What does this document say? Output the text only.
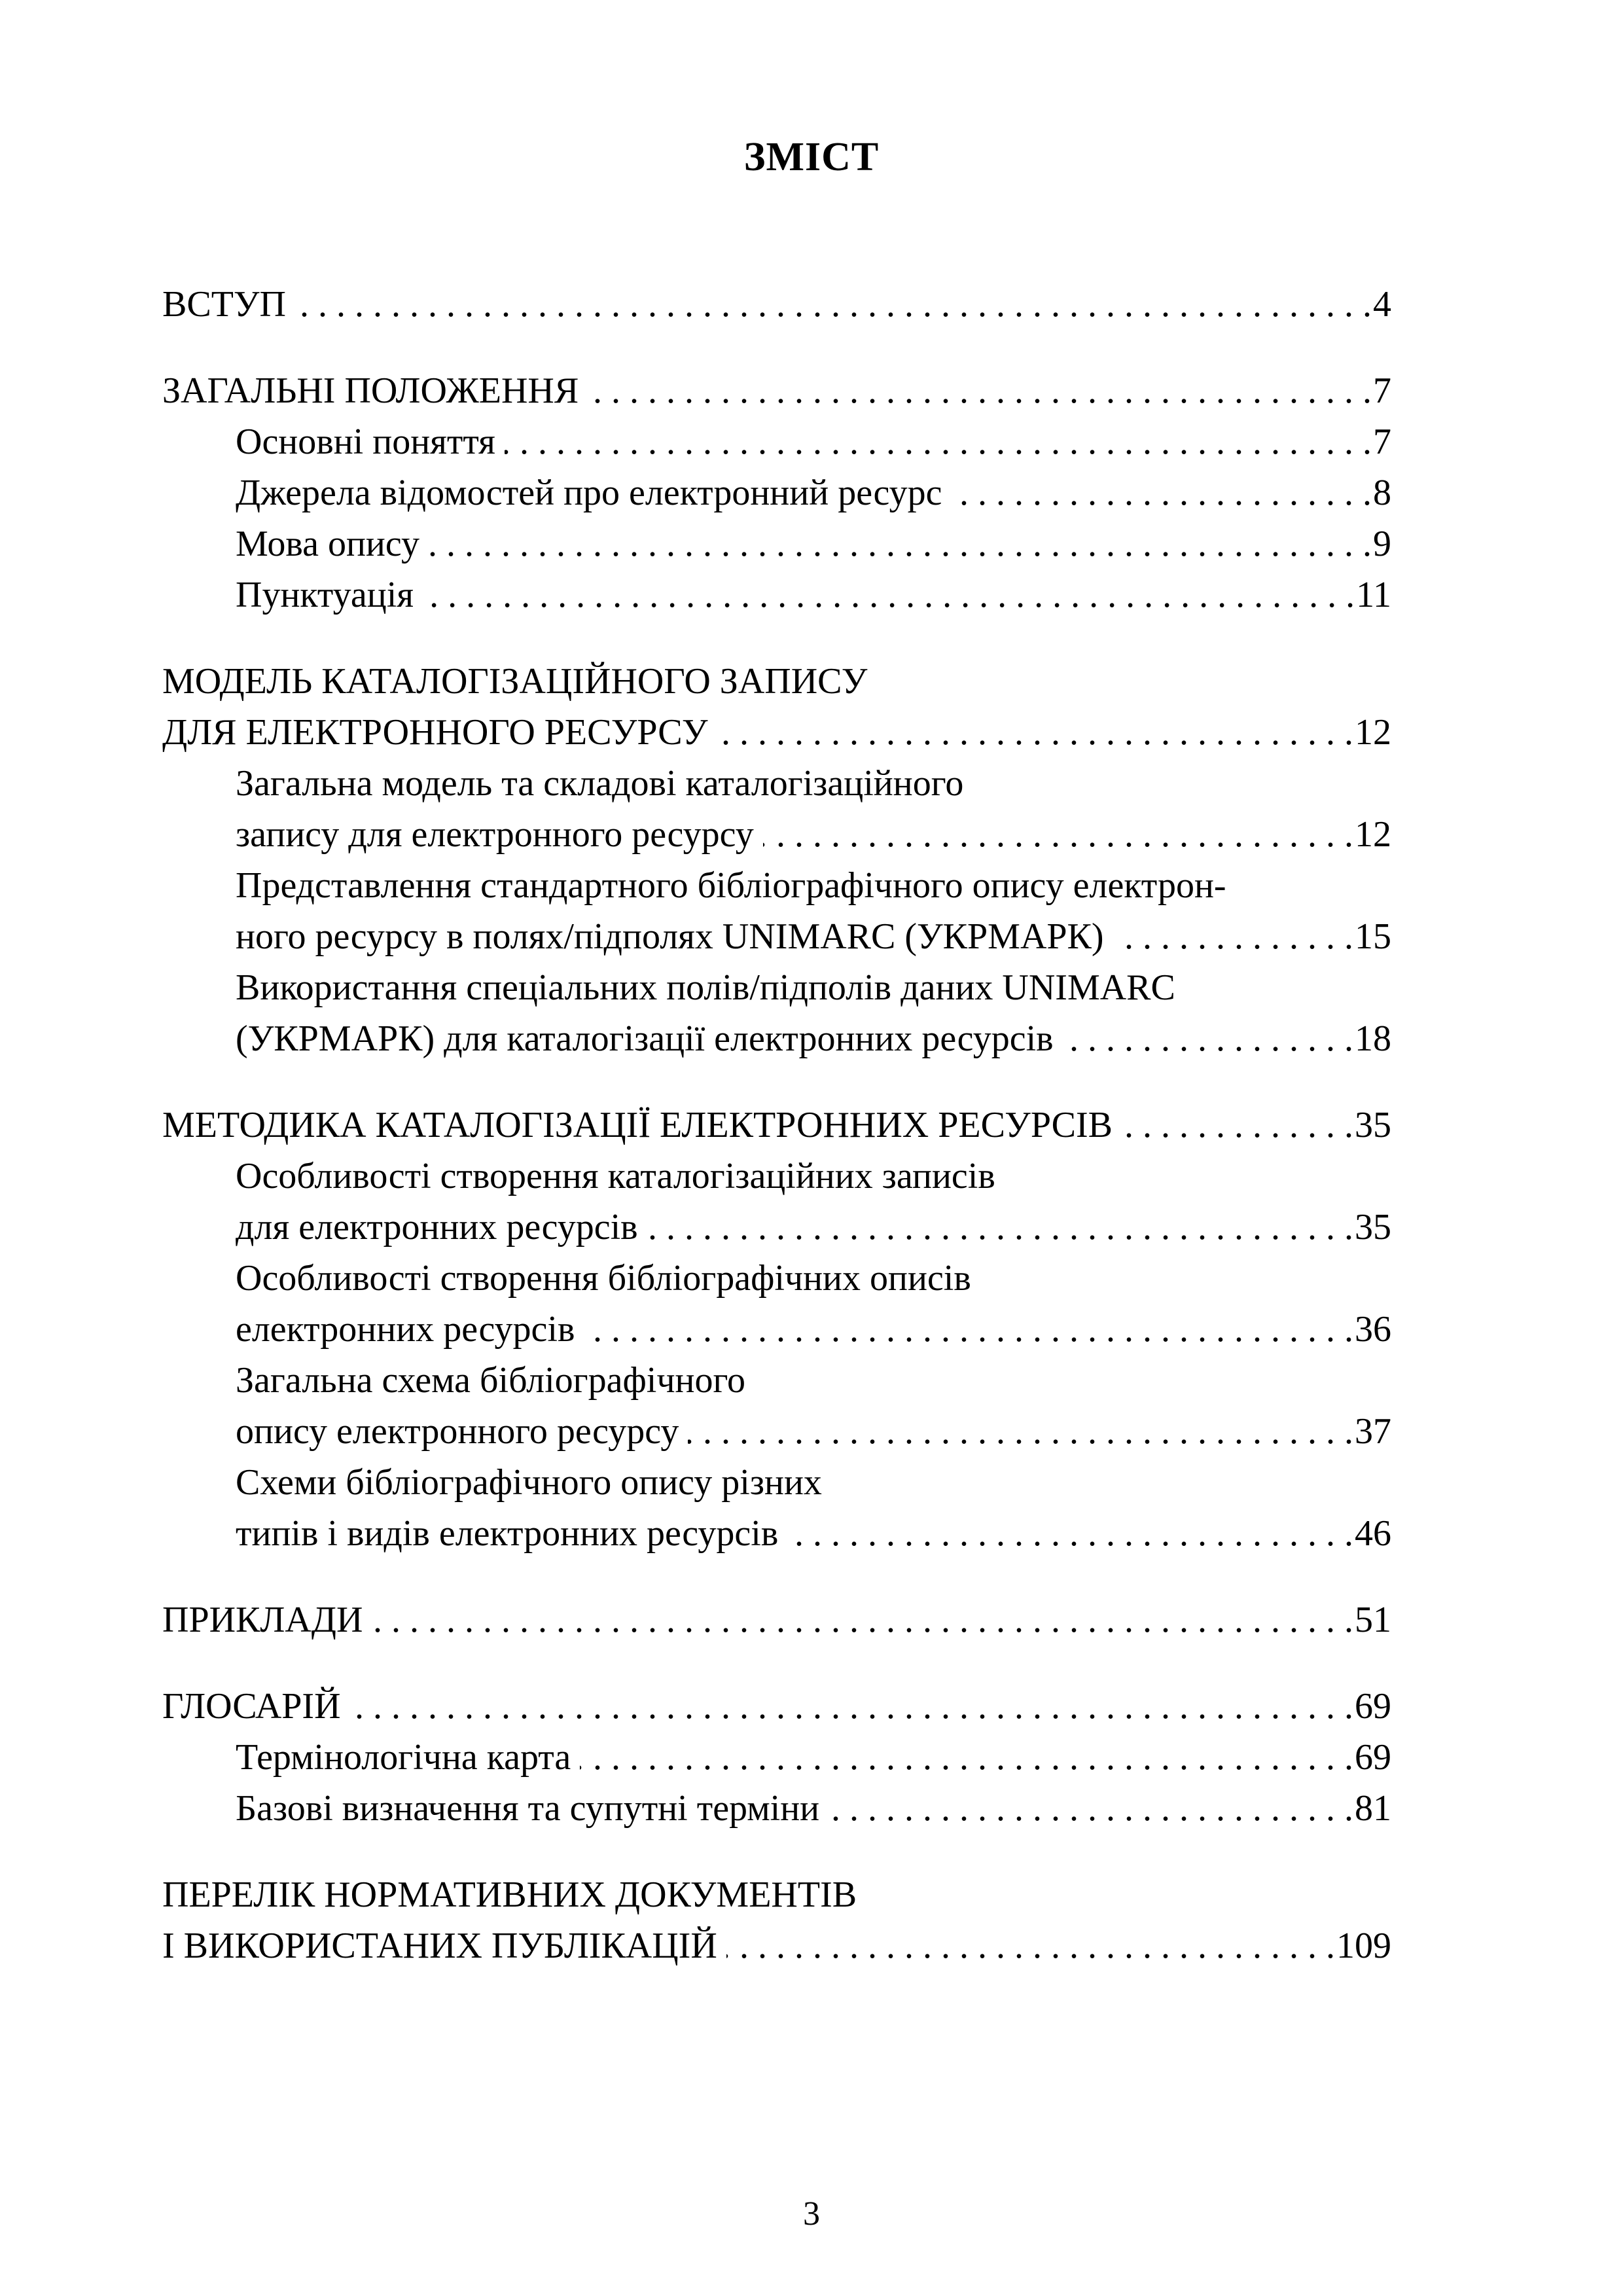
ЗМІСТ
ВСТУП . . .	4
ЗАГАЛЬНІ ПОЛОЖЕННЯ . . .	7
Основні поняття . . .	7
Джерела відомостей про електронний ресурс . . .	8
Мова опису . . .	9
Пунктуація . . .	11
МОДЕЛЬ КАТАЛОГІЗАЦІЙНОГО ЗАПИСУ
ДЛЯ ЕЛЕКТРОННОГО РЕСУРСУ . . .	12
Загальна модель та складові каталогізаційного
запису для електронного ресурсу . . .	12
Представлення стандартного бібліографічного опису електрон-
ного ресурсу в полях/підполях UNIMARC (УКРМАРК) . . .	15
Використання спеціальних полів/підполів даних UNIMARC
(УКРМАРК) для каталогізації електронних ресурсів . . .	18
МЕТОДИКА КАТАЛОГІЗАЦІЇ ЕЛЕКТРОННИХ РЕСУРСІВ . . .	35
Особливості створення каталогізаційних записів
для електронних ресурсів . . .	35
Особливості створення бібліографічних описів
електронних ресурсів . . .	36
Загальна схема бібліографічного
опису електронного ресурсу . . .	37
Схеми бібліографічного опису різних
типів і видів електронних ресурсів . . .	46
ПРИКЛАДИ . . .	51
ГЛОСАРІЙ . . .	69
Термінологічна карта . . .	69
Базові визначення та супутні терміни . . .	81
ПЕРЕЛІК НОРМАТИВНИХ ДОКУМЕНТІВ
І ВИКОРИСТАНИХ ПУБЛІКАЦІЙ . . .	109
3
